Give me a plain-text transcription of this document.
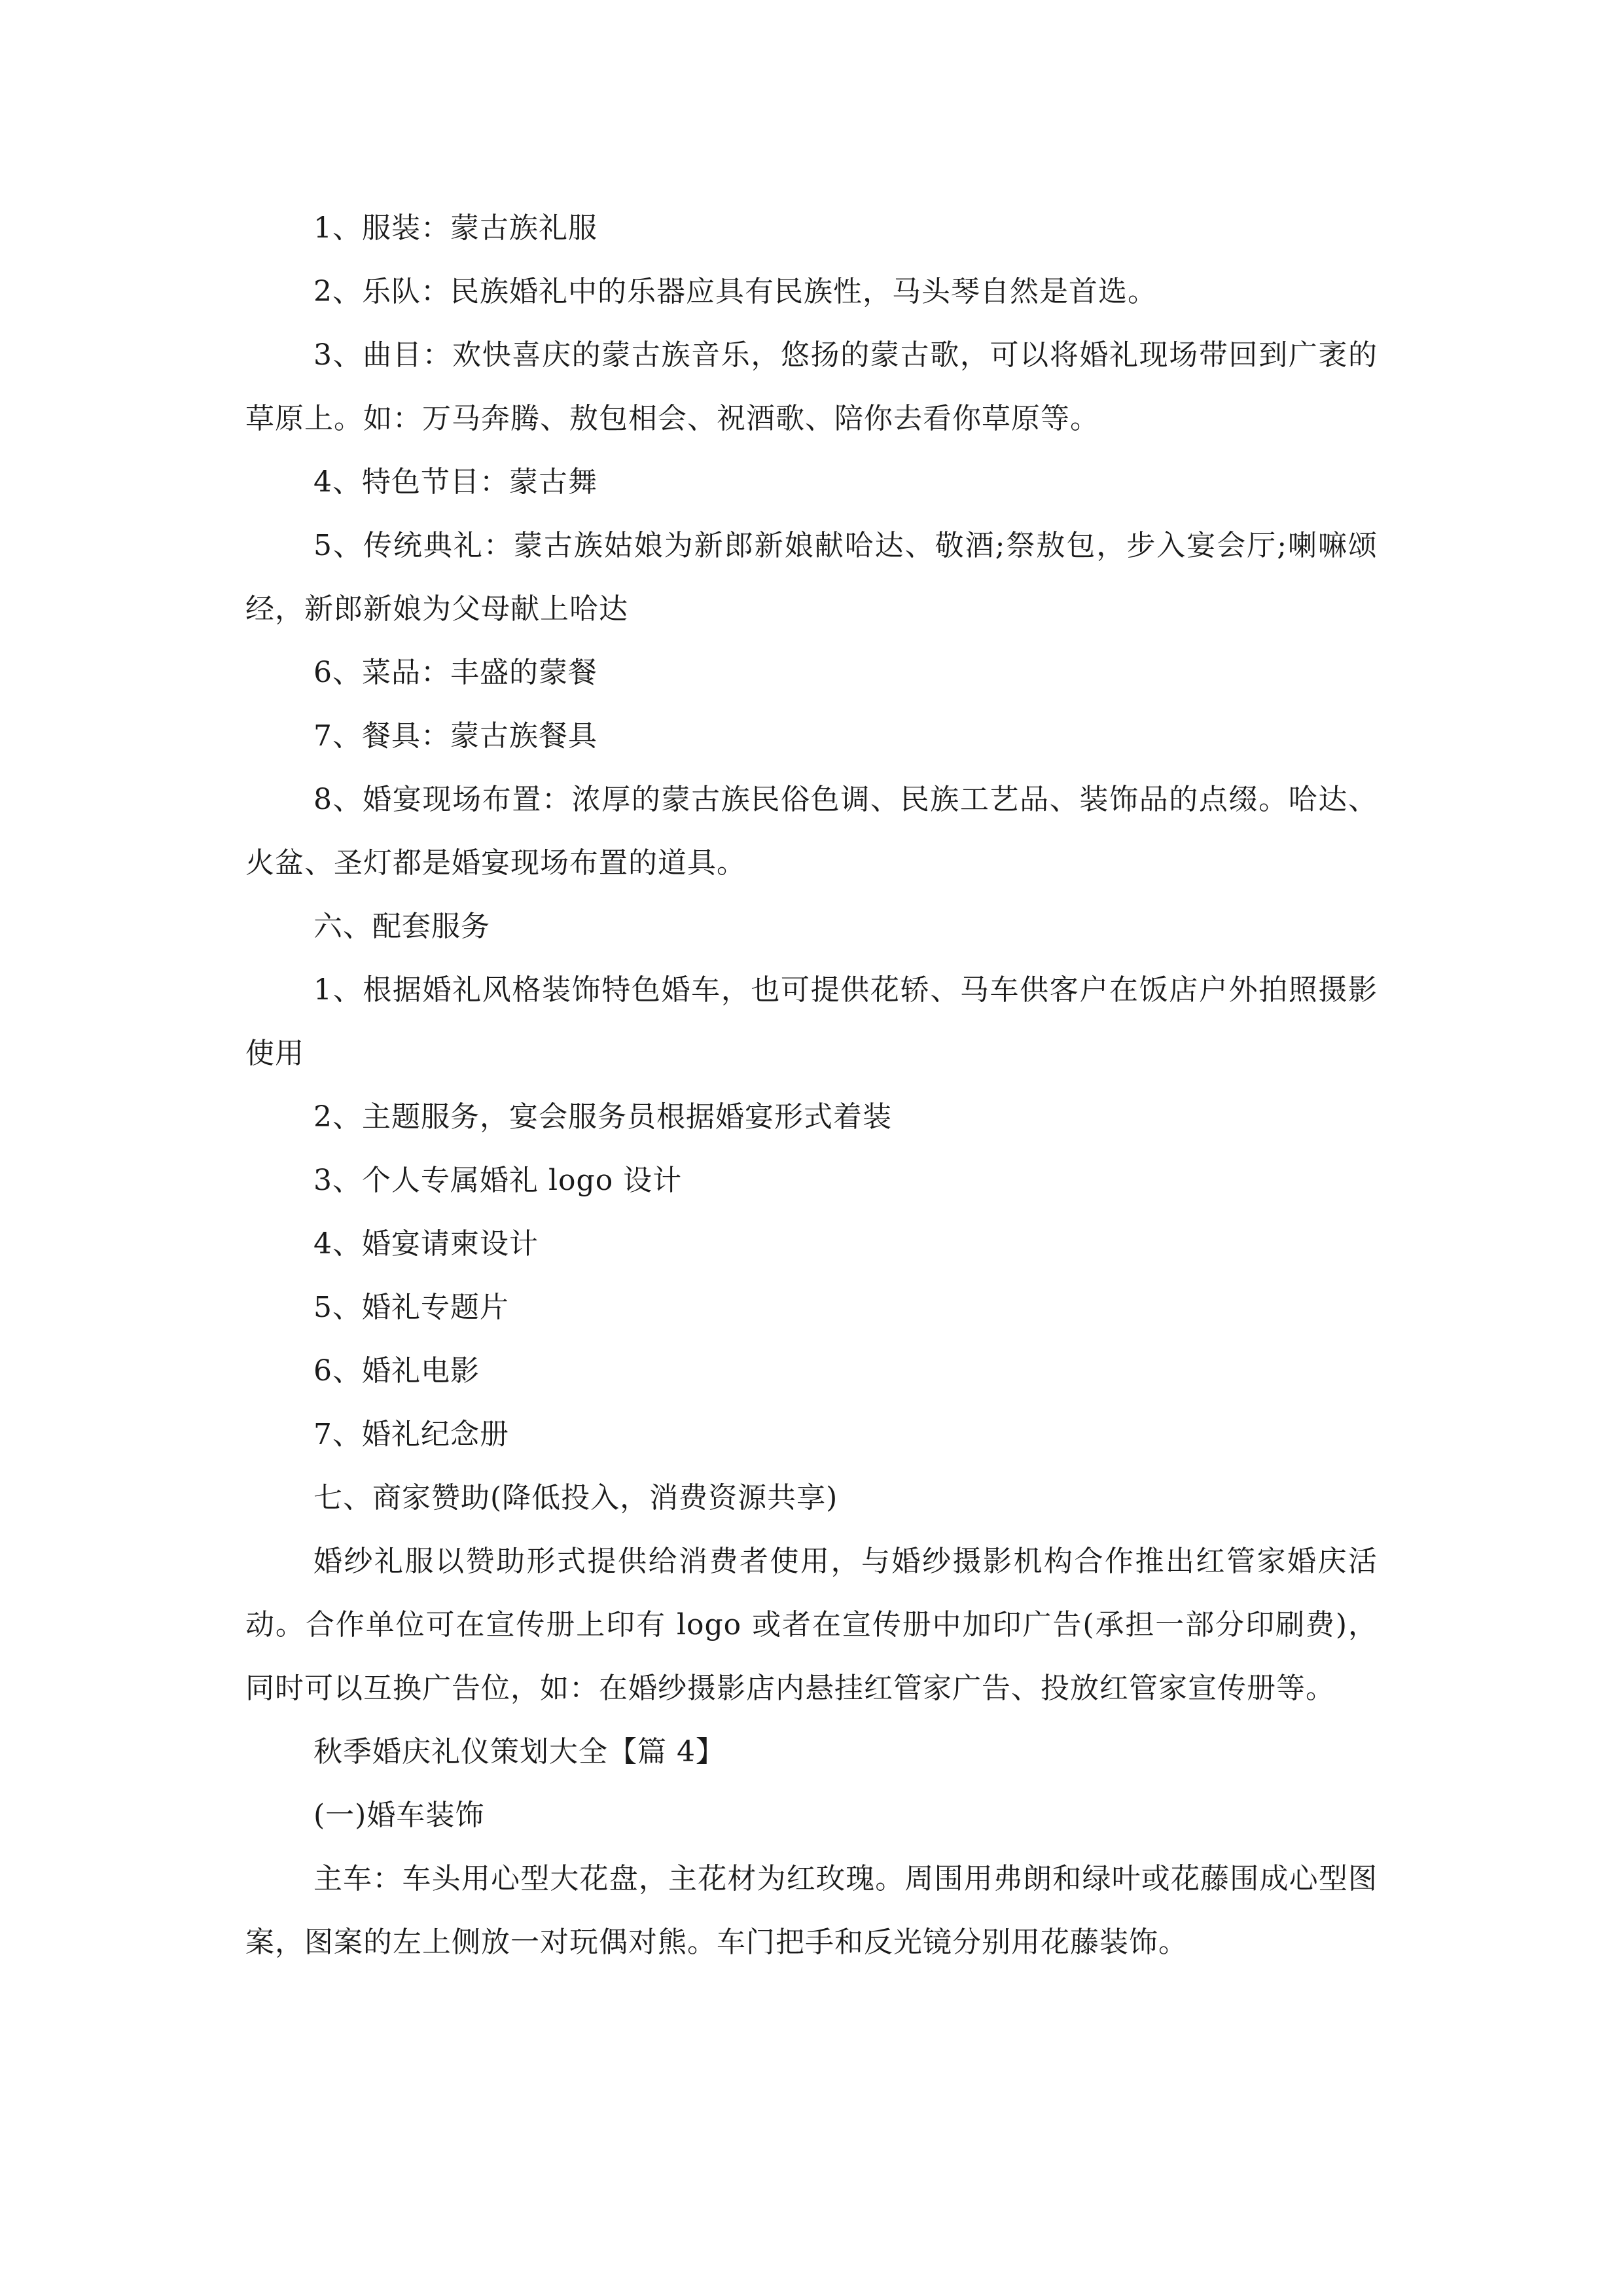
1、服装：蒙古族礼服

2、乐队：民族婚礼中的乐器应具有民族性，马头琴自然是首选。

3、曲目：欢快喜庆的蒙古族音乐，悠扬的蒙古歌，可以将婚礼现场带回到广袤的草原上。如：万马奔腾、敖包相会、祝酒歌、陪你去看你草原等。

4、特色节目：蒙古舞

5、传统典礼：蒙古族姑娘为新郎新娘献哈达、敬酒;祭敖包，步入宴会厅;喇嘛颂经，新郎新娘为父母献上哈达

6、菜品：丰盛的蒙餐

7、餐具：蒙古族餐具

8、婚宴现场布置：浓厚的蒙古族民俗色调、民族工艺品、装饰品的点缀。哈达、火盆、圣灯都是婚宴现场布置的道具。

六、配套服务

1、根据婚礼风格装饰特色婚车，也可提供花轿、马车供客户在饭店户外拍照摄影使用

2、主题服务，宴会服务员根据婚宴形式着装

3、个人专属婚礼 logo 设计

4、婚宴请柬设计

5、婚礼专题片

6、婚礼电影

7、婚礼纪念册

七、商家赞助(降低投入，消费资源共享)

婚纱礼服以赞助形式提供给消费者使用，与婚纱摄影机构合作推出红管家婚庆活动。合作单位可在宣传册上印有 logo 或者在宣传册中加印广告(承担一部分印刷费)，同时可以互换广告位，如：在婚纱摄影店内悬挂红管家广告、投放红管家宣传册等。

秋季婚庆礼仪策划大全【篇 4】

(一)婚车装饰

主车：车头用心型大花盘，主花材为红玫瑰。周围用弗朗和绿叶或花藤围成心型图案，图案的左上侧放一对玩偶对熊。车门把手和反光镜分别用花藤装饰。
